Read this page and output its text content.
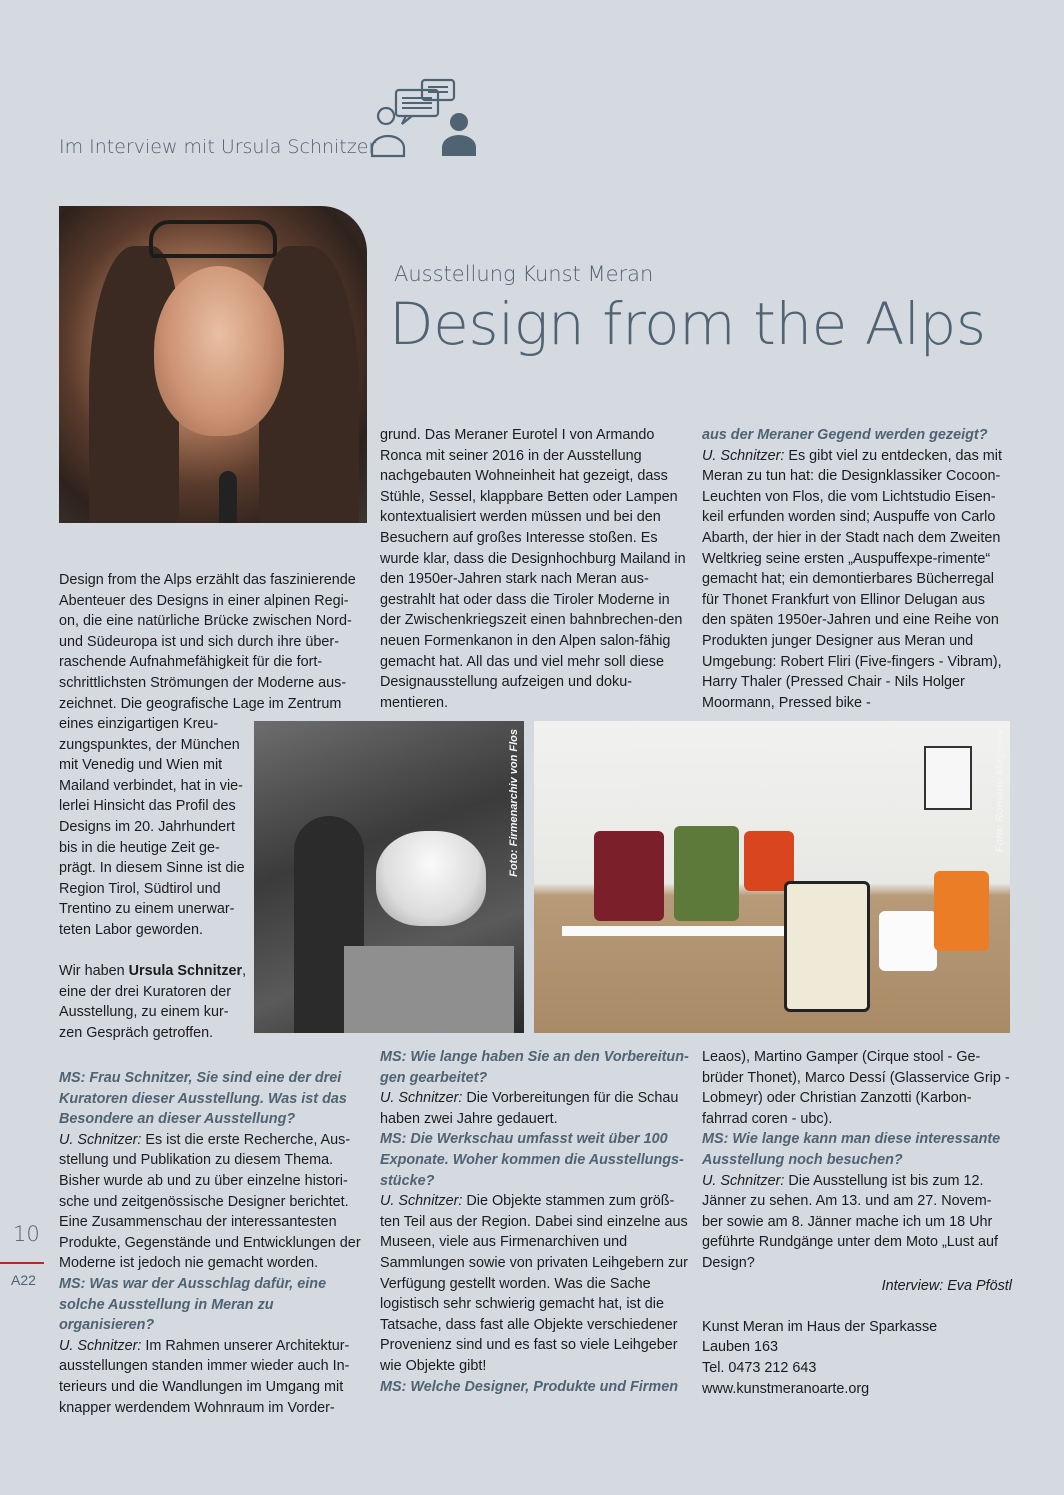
Im Interview mit Ursula Schnitzer
Ausstellung Kunst Meran
Design from the Alps

Design from the Alps erzählt das faszinierende

Abenteuer des Designs in einer alpinen Regi-

on, die eine natürliche Brücke zwischen Nord-

und Südeuropa ist und sich durch ihre über-

raschende Aufnahmefähigkeit für die fort-

schrittlichsten Strömungen der Moderne aus-

zeichnet. Die geografische Lage im Zentrum

eines einzigartigen Kreu-

zungspunktes, der München

mit Venedig und Wien mit

Mailand verbindet, hat in vie-

lerlei Hinsicht das Profil des

Designs im 20. Jahrhundert

bis in die heutige Zeit ge-

prägt. In diesem Sinne ist die

Region Tirol, Südtirol und

Trentino zu einem unerwar-

teten Labor geworden.

Wir haben Ursula Schnitzer,

eine der drei Kuratoren der

Ausstellung, zu einem kur-

zen Gespräch getroffen.

grund. Das Meraner Eurotel I von Armando Ronca mit seiner 2016 in der Ausstellung nachgebauten Wohneinheit hat gezeigt, dass Stühle, Sessel, klappbare Betten oder Lampen kontextualisiert werden müssen und bei den Besuchern auf großes Interesse stoßen. Es wurde klar, dass die Designhochburg Mailand in den 1950er-Jahren stark nach Meran aus-gestrahlt hat oder dass die Tiroler Moderne in der Zwischenkriegszeit einen bahnbrechen-den neuen Formenkanon in den Alpen salon-fähig gemacht hat. All das und viel mehr soll diese Designausstellung aufzeigen und doku-mentieren.

aus der Meraner Gegend werden gezeigt?

U. Schnitzer: Es gibt viel zu entdecken, das mit Meran zu tun hat: die Designklassiker Cocoon-Leuchten von Flos, die vom Lichtstudio Eisen-keil erfunden worden sind; Auspuffe von Carlo Abarth, der hier in der Stadt nach dem Zweiten Weltkrieg seine ersten „Auspuffexpe-rimente“ gemacht hat; ein demontierbares Bücherregal für Thonet Frankfurt von Ellinor Delugan aus den späten 1950er-Jahren und eine Reihe von Produkten junger Designer aus Meran und Umgebung: Robert Fliri (Five-fingers - Vibram), Harry Thaler (Pressed Chair - Nils Holger Moormann, Pressed bike -

Foto: Firmenarchiv von Flos	Foto: Romano Magrone

MS: Frau Schnitzer, Sie sind eine der drei Kuratoren dieser Ausstellung. Was ist das Besondere an dieser Ausstellung?

U. Schnitzer: Es ist die erste Recherche, Aus-stellung und Publikation zu diesem Thema. Bisher wurde ab und zu über einzelne histori-sche und zeitgenössische Designer berichtet. Eine Zusammenschau der interessantesten Produkte, Gegenstände und Entwicklungen der Moderne ist jedoch nie gemacht worden.

MS: Was war der Ausschlag dafür, eine solche Ausstellung in Meran zu organisieren?

U. Schnitzer: Im Rahmen unserer Architektur-ausstellungen standen immer wieder auch In-terieurs und die Wandlungen im Umgang mit knapper werdendem Wohnraum im Vorder-

MS: Wie lange haben Sie an den Vorbereitun-gen gearbeitet?

U. Schnitzer: Die Vorbereitungen für die Schau haben zwei Jahre gedauert.

MS: Die Werkschau umfasst weit über 100 Exponate. Woher kommen die Ausstellungs-stücke?

U. Schnitzer: Die Objekte stammen zum größ-ten Teil aus der Region. Dabei sind einzelne aus Museen, viele aus Firmenarchiven und Sammlungen sowie von privaten Leihgebern zur Verfügung gestellt worden. Was die Sache logistisch sehr schwierig gemacht hat, ist die Tatsache, dass fast alle Objekte verschiedener Provenienz sind und es fast so viele Leihgeber wie Objekte gibt!

MS: Welche Designer, Produkte und Firmen

Leaos), Martino Gamper (Cirque stool - Ge-brüder Thonet), Marco Dessí (Glasservice Grip - Lobmeyr) oder Christian Zanzotti (Karbon-fahrrad coren - ubc).

MS: Wie lange kann man diese interessante Ausstellung noch besuchen?

U. Schnitzer: Die Ausstellung ist bis zum 12. Jänner zu sehen. Am 13. und am 27. Novem-ber sowie am 8. Jänner mache ich um 18 Uhr geführte Rundgänge unter dem Moto „Lust auf Design?

Interview: Eva Pföstl

Kunst Meran im Haus der Sparkasse

Lauben 163

Tel. 0473 212 643

www.kunstmeranoarte.org

10
A22
